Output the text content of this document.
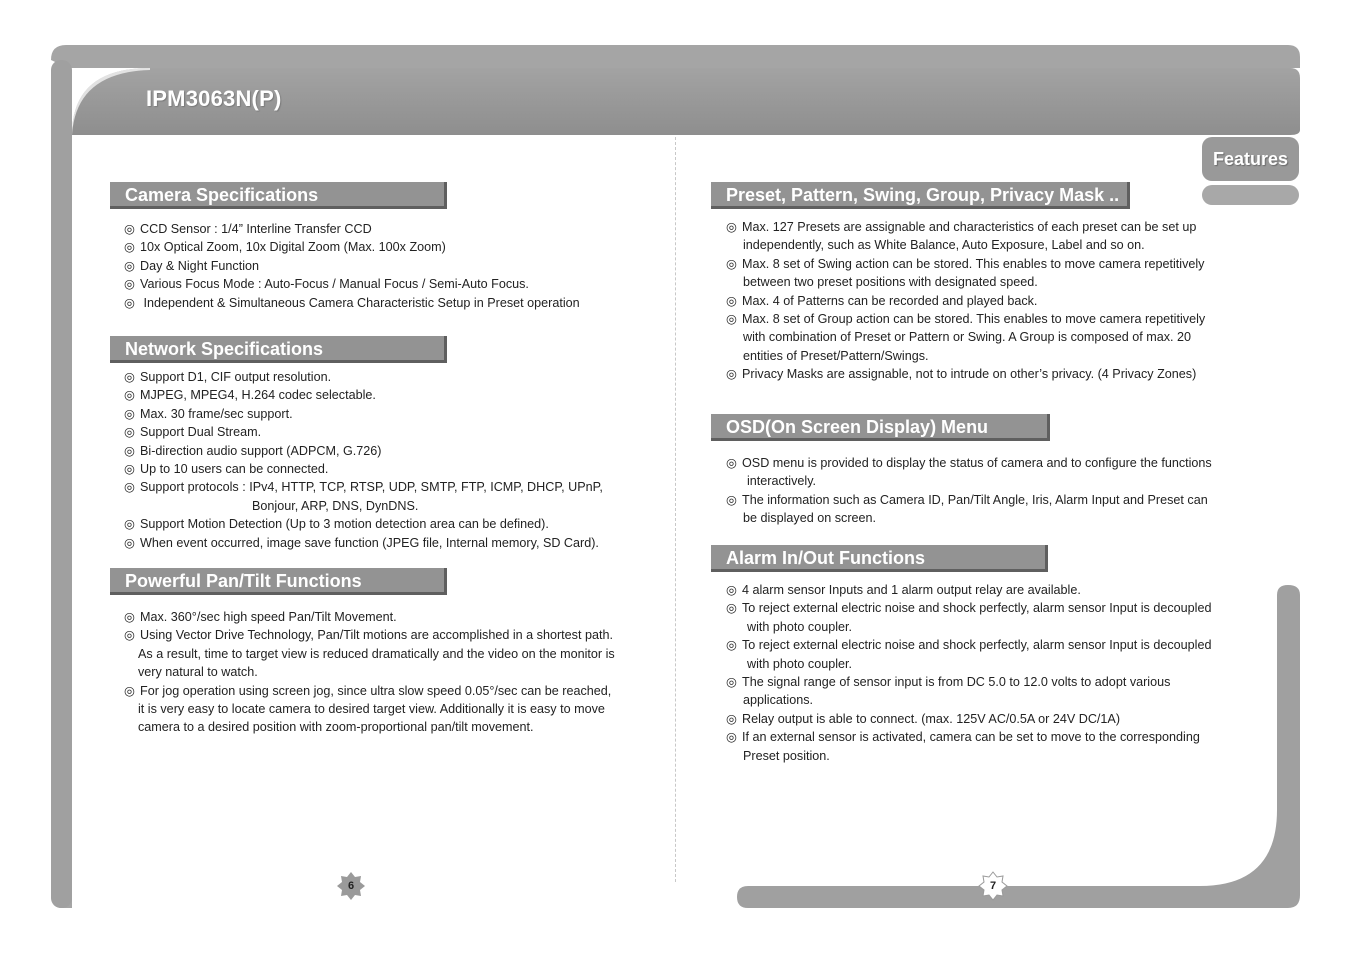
IPM3063N(P)
Features
Camera Specifications
◎ CCD Sensor : 1/4” Interline Transfer CCD
◎ 10x Optical Zoom, 10x Digital Zoom (Max. 100x Zoom)
◎ Day & Night Function
◎ Various Focus Mode : Auto-Focus / Manual Focus / Semi-Auto Focus.
◎ Independent & Simultaneous Camera Characteristic Setup in Preset operation
Network Specifications
◎ Support D1, CIF output resolution.
◎ MJPEG, MPEG4, H.264 codec selectable.
◎ Max. 30 frame/sec support.
◎ Support Dual Stream.
◎ Bi-direction audio support (ADPCM, G.726)
◎ Up to 10 users can be connected.
◎ Support protocols : IPv4, HTTP, TCP, RTSP, UDP, SMTP, FTP, ICMP, DHCP, UPnP,
Bonjour, ARP, DNS, DynDNS.
◎ Support Motion Detection (Up to 3 motion detection area can be defined).
◎ When event occurred, image save function (JPEG file, Internal memory, SD Card).
Powerful Pan/Tilt Functions
◎ Max. 360°/sec high speed Pan/Tilt Movement.
◎ Using Vector Drive Technology, Pan/Tilt motions are accomplished in a shortest path.
As a result, time to target view is reduced dramatically and the video on the monitor is
very natural to watch.
◎ For jog operation using screen jog, since ultra slow speed 0.05°/sec can be reached,
it is very easy to locate camera to desired target view. Additionally it is easy to move
camera to a desired position with zoom-proportional pan/tilt movement.
Preset, Pattern, Swing, Group, Privacy Mask ..
◎ Max. 127 Presets are assignable and characteristics of each preset can be set up
independently, such as White Balance, Auto Exposure, Label and so on.
◎ Max. 8 set of Swing action can be stored. This enables to move camera repetitively
between two preset positions with designated speed.
◎ Max. 4 of Patterns can be recorded and played back.
◎ Max. 8 set of Group action can be stored. This enables to move camera repetitively
with combination of Preset or Pattern or Swing. A Group is composed of max. 20
entities of Preset/Pattern/Swings.
◎ Privacy Masks are assignable, not to intrude on other’s privacy. (4 Privacy Zones)
OSD(On Screen Display) Menu
◎ OSD menu is provided to display the status of camera and to configure the functions
interactively.
◎ The information such as Camera ID, Pan/Tilt Angle, Iris, Alarm Input and Preset can
be displayed on screen.
Alarm In/Out Functions
◎ 4 alarm sensor Inputs and 1 alarm output relay are available.
◎ To reject external electric noise and shock perfectly, alarm sensor Input is decoupled
with photo coupler.
◎ To reject external electric noise and shock perfectly, alarm sensor Input is decoupled
with photo coupler.
◎ The signal range of sensor input is from DC 5.0 to 12.0 volts to adopt various
applications.
◎ Relay output is able to connect. (max. 125V AC/0.5A or 24V DC/1A)
◎ If an external sensor is activated, camera can be set to move to the corresponding
Preset position.
6	7
